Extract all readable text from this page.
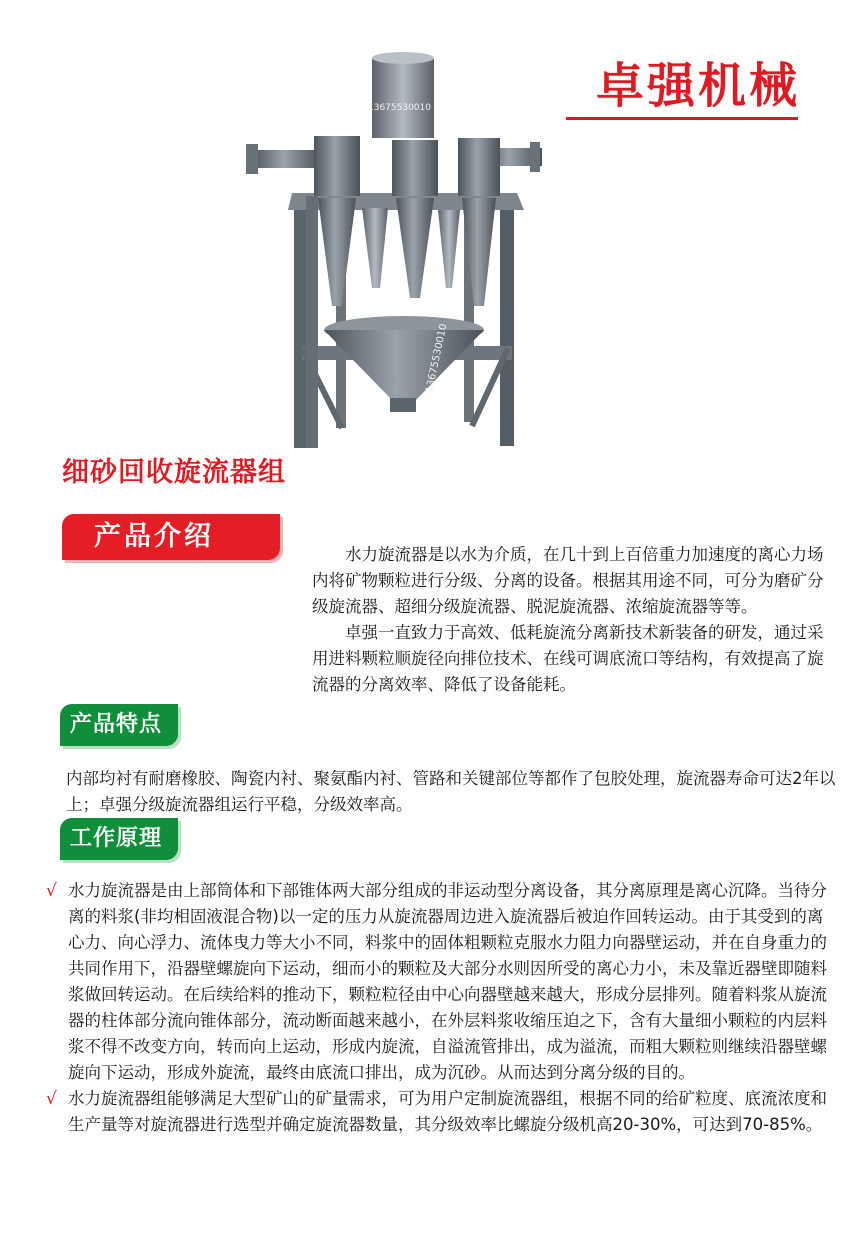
卓强机械
13675530010
13675530010
细砂回收旋流器组
产品介绍

水力旋流器是以水为介质，在几十到上百倍重力加速度的离心力场内将矿物颗粒进行分级、分离的设备。根据其用途不同，可分为磨矿分级旋流器、超细分级旋流器、脱泥旋流器、浓缩旋流器等等。

卓强一直致力于高效、低耗旋流分离新技术新装备的研发，通过采用进料颗粒顺旋径向排位技术、在线可调底流口等结构，有效提高了旋流器的分离效率、降低了设备能耗。

产品特点

内部均衬有耐磨橡胶、陶瓷内衬、聚氨酯内衬、管路和关键部位等都作了包胶处理，旋流器寿命可达2年以上；卓强分级旋流器组运行平稳，分级效率高。

工作原理
√ 水力旋流器是由上部筒体和下部锥体两大部分组成的非运动型分离设备，其分离原理是离心沉降。当待分离的料浆(非均相固液混合物)以一定的压力从旋流器周边进入旋流器后被迫作回转运动。由于其受到的离心力、向心浮力、流体曳力等大小不同，料浆中的固体粗颗粒克服水力阻力向器壁运动，并在自身重力的共同作用下，沿器壁螺旋向下运动，细而小的颗粒及大部分水则因所受的离心力小，未及靠近器壁即随料浆做回转运动。在后续给料的推动下，颗粒粒径由中心向器壁越来越大，形成分层排列。随着料浆从旋流器的柱体部分流向锥体部分，流动断面越来越小，在外层料浆收缩压迫之下，含有大量细小颗粒的内层料浆不得不改变方向，转而向上运动，形成内旋流，自溢流管排出，成为溢流，而粗大颗粒则继续沿器壁螺旋向下运动，形成外旋流，最终由底流口排出，成为沉砂。从而达到分离分级的目的。

√ 水力旋流器组能够满足大型矿山的矿量需求，可为用户定制旋流器组，根据不同的给矿粒度、底流浓度和生产量等对旋流器进行选型并确定旋流器数量，其分级效率比螺旋分级机高20-30%，可达到70-85%。
